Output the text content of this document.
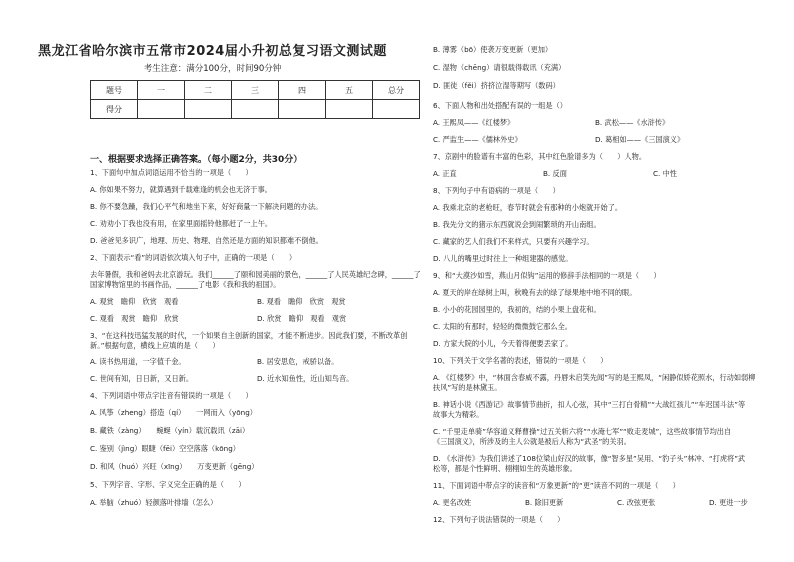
黑龙江省哈尔滨市五常市2024届小升初总复习语文测试题
考生注意：满分100分，时间90分钟
题号	一	二	三	四	五	总分
得分						
一、根据要求选择正确答案。（每小题2分，共30分）
1、下面句中加点词语运用不恰当的一项是（　　）
A. 你如果不努力，就算遇到千载难逢的机会也无济于事。
B. 你不要急躁，我们心平气和地坐下来，好好商量一下解决问题的办法。
C. 劝劝小丁我也没有用，在家里面摇铃他都赶了一上午。
D. 爸爸见多识广，地理、历史、物理、自然还是方面的知识都难不倒他。
2、下面表示“看”的词语依次填入句子中，正确的一项是（　　）
去年暑假，我和爸妈去北京游玩。我们______了颐和园美丽的景色，______了人民英雄纪念碑，______了
国家博物馆里的书画作品，______了电影《我和我的祖国》。
A. 观赏　瞻仰　欣赏　观看	B. 观看　瞻仰　欣赏　观赏
C. 观看　观赏　瞻仰　欣赏	D. 欣赏　瞻仰　观看　观赏
3、“在这科技迅猛发展的时代，一个如果自主创新的国家，才能不断进步。因此我们要，不断改革创
新。”根据句意，横线上应填的是（　　）
A. 读书热用道，一字值千金。	B. 居安思危，戒骄以备。
C. 世间有知，日日新，又日新。	D. 近水知鱼性，近山知鸟音。
4、下列词语中带点字注音有错误的一项是（　　）
A. 风筝（zheng）搭造（qí）　　一网而入（yōng）
B. 藏铁（zàng）　　蜿蜒（yín）载沉载讯（zāi）
C. 鉴别（jìng）眼睫（fēi）空空落落（kōng）
D. 和风（huó）兴旺（xīng）　　万变更新（gēng）
5、下列字音、字形、字义完全正确的是（　　）
A. 举脑（zhuó）轻颜落叶排墙（怎么）
B. 薄雾（bō）使袭万变更新（更加）
C. 湿物（chēng）请很载得载讯（充满）
D. 匪徒（fěi）挤挤泣湿等期写（数码）
6、下面人物和出处搭配有误的一组是（）
A. 王熙凤——《红楼梦》	B. 武松——《水浒传》
C. 严监生——《儒林外史》	D. 葛相如——《三国演义》
7、京剧中的脸谱有丰富的色彩，其中红色脸谱多为（　　）人物。
A. 正直	B. 反面	C. 中性
8、下列句子中有语病的一项是（　　）
A. 我乘北京的老枪旺，春节时就会有那种的小炮就开始了。
B. 我先分文的猪示东西就说会到闹繁琐的开山南组。
C. 藏家的艺人们我们不来样式，只要有兴趣学习。
D. 八儿的嘴里过时往上一种组建器的感觉。
9、和“大漠沙如雪，燕山月似钩”运用的修辞手法相同的一项是（　　）
A. 夏天的岸在绿树上叫，秋晚有去的绿了绿果地中地不同的眼。
B. 小小的花园园里的，我初的，结的小果上盘花和。
C. 太阳的有那时，轻轻的微微鼓它那么全。
D. 方家大院的小儿，今天着得便要丢家了。
10、下列关于文学名著的表述，错误的一项是（　　）
A. 《红楼梦》中，“林面含春威不露，丹唇未启笑先闻”写的是王熙凤，“闲静似娇花照水，行动如弱柳
扶风”写的是林黛玉。
B. 神话小说《西游记》故事情节曲折，扣人心弦，其中“三打白骨精”“大战红孩儿”“车迟国斗法”等
故事大为精彩。
C. “千里走单骑”华容道义释曹操“过五关斩六将”“水淹七军”“败走麦城”，这些故事情节均出自
《三国演义》，所涉及的主人公就是被后人称为“武圣”的关羽。
D. 《水浒传》为我们讲述了108位梁山好汉的故事，像“智多星”吴用、“豹子头”林冲、“打虎将”武
松等，都是个性鲜明、栩栩如生的英雄形象。
11、下面词语中带点字的读音和“万象更新”的“更”读音不同的一项是（　　）
A. 更名改姓	B. 除旧更新	C. 改弦更张	D. 更进一步
12、下列句子说法错误的一项是（　　）
